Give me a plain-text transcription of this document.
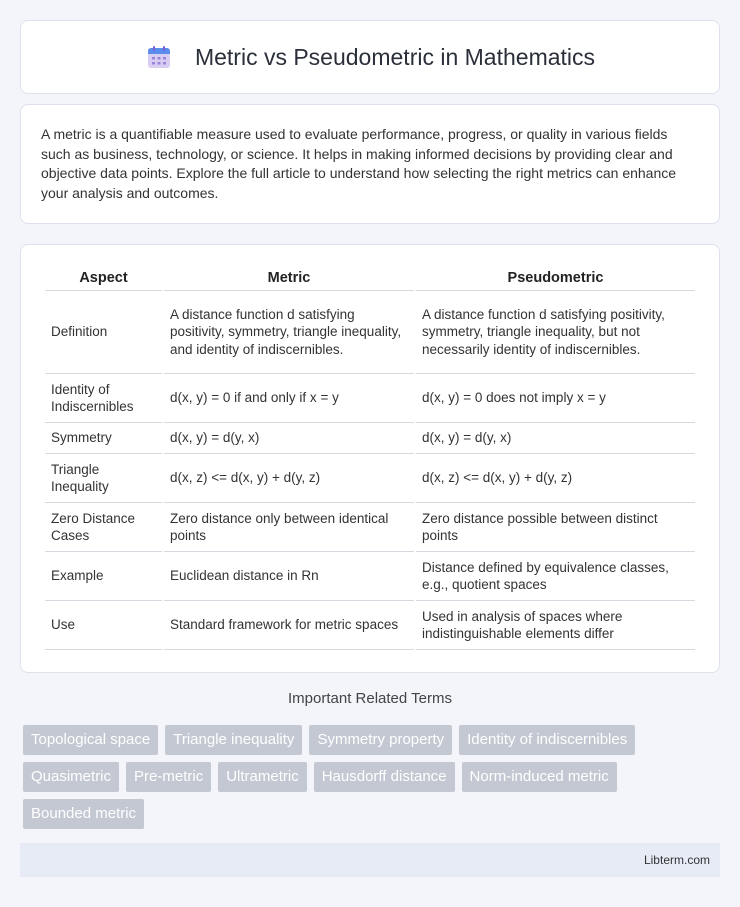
Metric vs Pseudometric in Mathematics

A metric is a quantifiable measure used to evaluate performance, progress, or quality in various fields such as business, technology, or science. It helps in making informed decisions by providing clear and objective data points. Explore the full article to understand how selecting the right metrics can enhance your analysis and outcomes.

Aspect	Metric	Pseudometric
Definition	A distance function d satisfying positivity, symmetry, triangle inequality, and identity of indiscernibles.	A distance function d satisfying positivity, symmetry, triangle inequality, but not necessarily identity of indiscernibles.
Identity of Indiscernibles	d(x, y) = 0 if and only if x = y	d(x, y) = 0 does not imply x = y
Symmetry	d(x, y) = d(y, x)	d(x, y) = d(y, x)
Triangle Inequality	d(x, z) <= d(x, y) + d(y, z)	d(x, z) <= d(x, y) + d(y, z)
Zero Distance Cases	Zero distance only between identical points	Zero distance possible between distinct points
Example	Euclidean distance in Rn	Distance defined by equivalence classes, e.g., quotient spaces
Use	Standard framework for metric spaces	Used in analysis of spaces where indistinguishable elements differ
Important Related Terms
Topological space	Triangle inequality	Symmetry property	Identity of indiscernibles
Quasimetric	Pre-metric	Ultrametric	Hausdorff distance	Norm-induced metric
Bounded metric
Libterm.com
